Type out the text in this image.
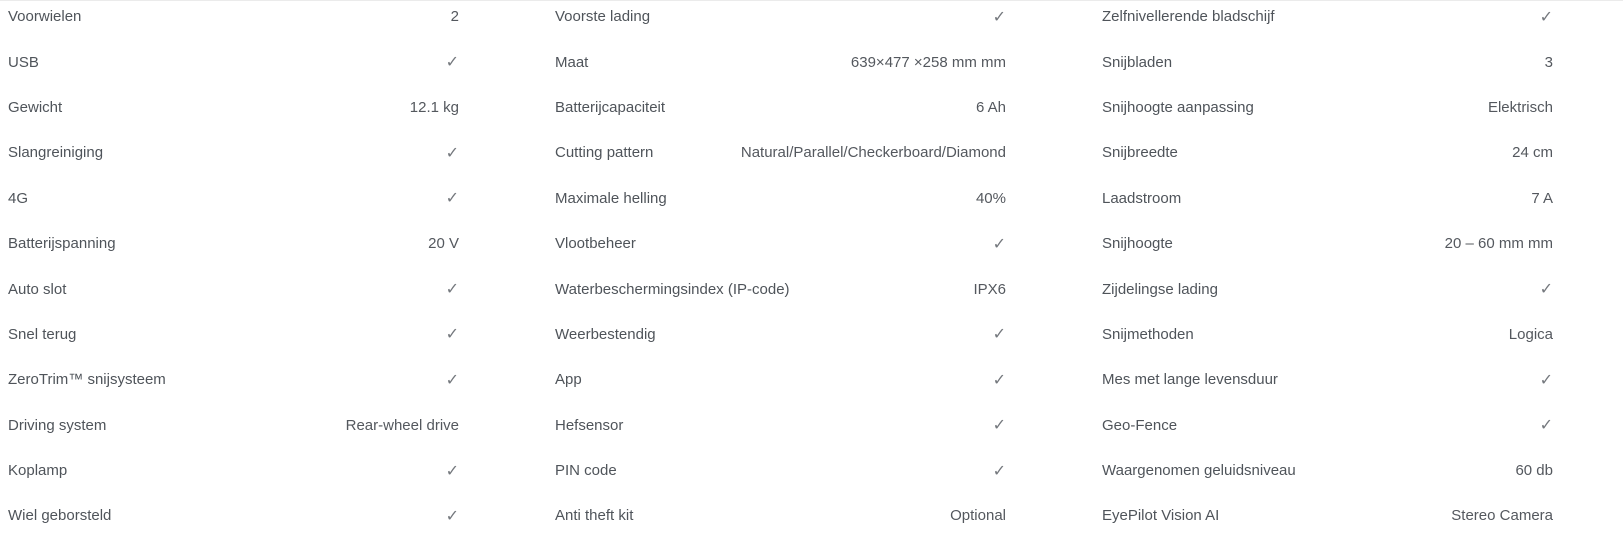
Voorwielen	2
USB	✓
Gewicht	12.1 kg
Slangreiniging	✓
4G	✓
Batterijspanning	20 V
Auto slot	✓
Snel terug	✓
ZeroTrim™ snijsysteem	✓
Driving system	Rear-wheel drive
Koplamp	✓
Wiel geborsteld	✓
Voorste lading	✓
Maat	639×477 ×258 mm mm
Batterijcapaciteit	6 Ah
Cutting pattern	Natural/Parallel/Checkerboard/Diamond
Maximale helling	40%
Vlootbeheer	✓
Waterbeschermingsindex (IP-code)	IPX6
Weerbestendig	✓
App	✓
Hefsensor	✓
PIN code	✓
Anti theft kit	Optional
Zelfnivellerende bladschijf	✓
Snijbladen	3
Snijhoogte aanpassing	Elektrisch
Snijbreedte	24 cm
Laadstroom	7 A
Snijhoogte	20 – 60 mm mm
Zijdelingse lading	✓
Snijmethoden	Logica
Mes met lange levensduur	✓
Geo-Fence	✓
Waargenomen geluidsniveau	60 db
EyePilot Vision AI	Stereo Camera
